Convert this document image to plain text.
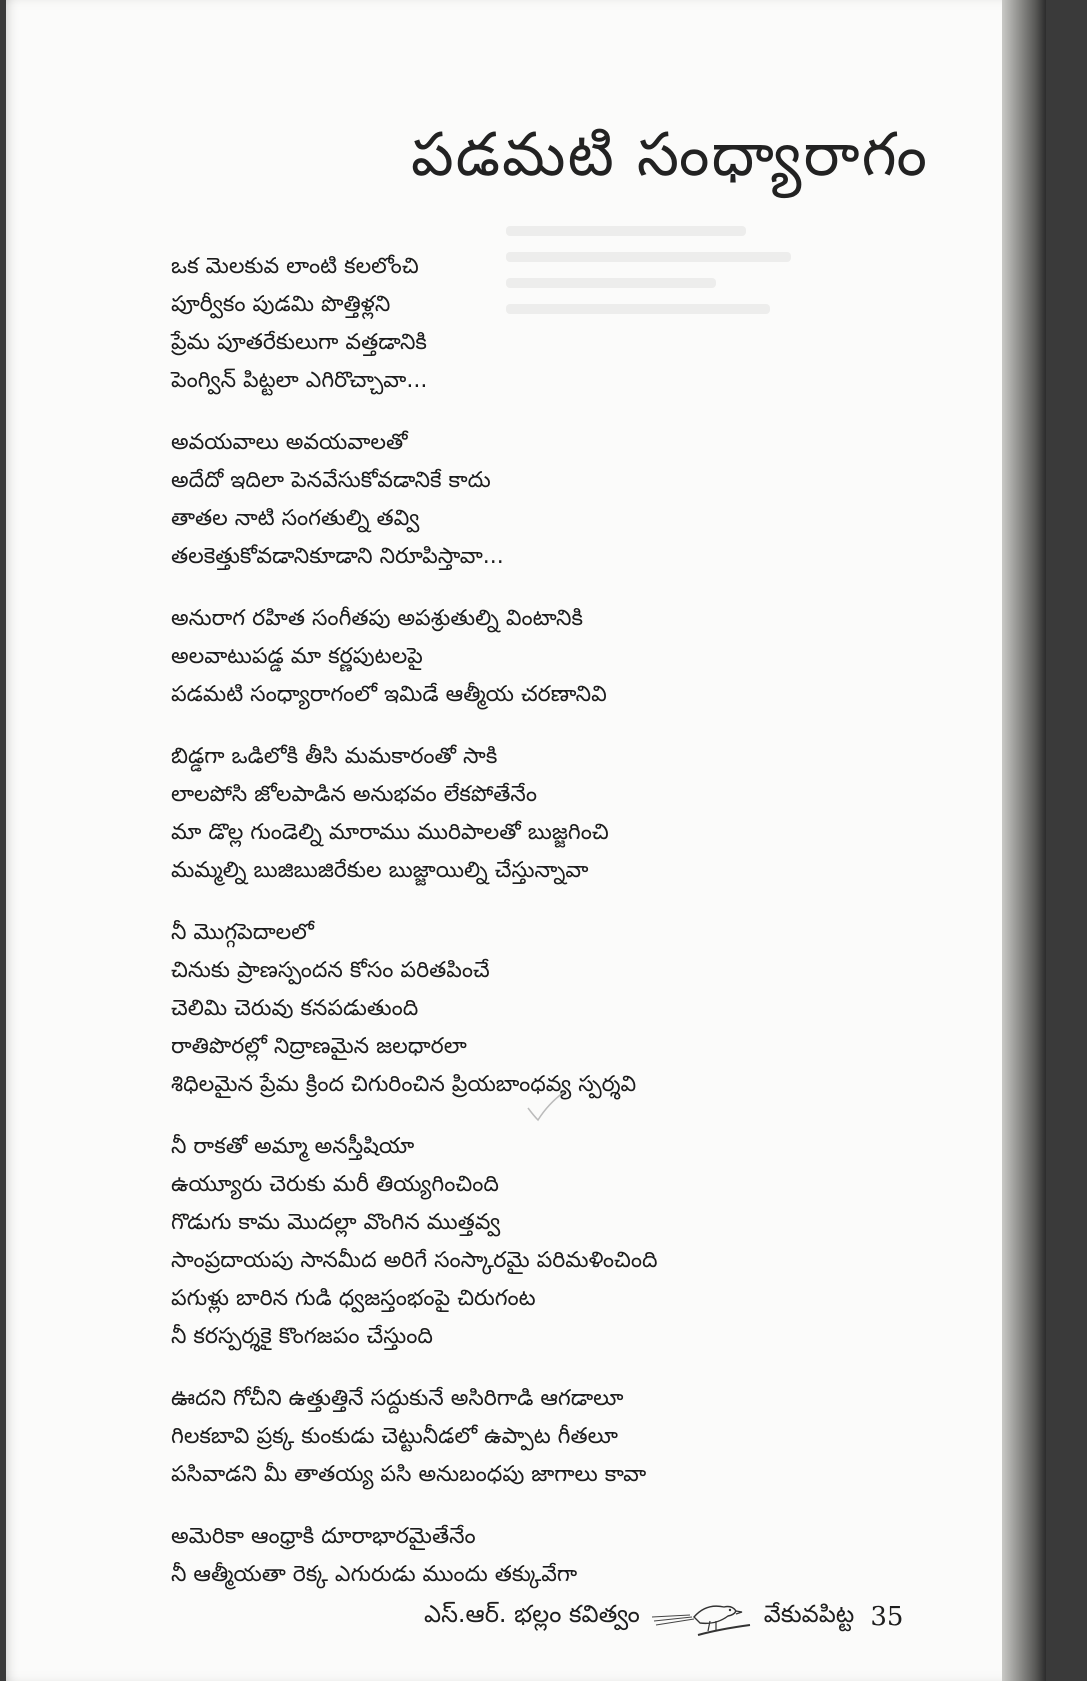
పడమటి సంధ్యారాగం
ఒక మెలకువ లాంటి కలలోంచి
పూర్వీకం పుడమి పొత్తిళ్లని
ప్రేమ పూతరేకులుగా వత్తడానికి
పెంగ్విన్ పిట్టలా ఎగిరొచ్చావా...
అవయవాలు అవయవాలతో
అదేదో ఇదిలా పెనవేసుకోవడానికే కాదు
తాతల నాటి సంగతుల్ని తవ్వి
తలకెత్తుకోవడానికూడాని నిరూపిస్తావా...
అనురాగ రహిత సంగీతపు అపశ్రుతుల్ని వింటానికి
అలవాటుపడ్డ మా కర్ణపుటలపై
పడమటి సంధ్యారాగంలో ఇమిడే ఆత్మీయ చరణానివి
బిడ్డగా ఒడిలోకి తీసి మమకారంతో సాకి
లాలపోసి జోలపాడిన అనుభవం లేకపోతేనేం
మా డొల్ల గుండెల్ని మారాము మురిపాలతో బుజ్జగించి
మమ్మల్ని బుజిబుజిరేకుల బుజ్జాయిల్ని చేస్తున్నావా
నీ మొగ్గపెదాలలో
చినుకు ప్రాణస్పందన కోసం పరితపించే
చెలిమి చెరువు కనపడుతుంది
రాతిపొరల్లో నిద్రాణమైన జలధారలా
శిధిలమైన ప్రేమ క్రింద చిగురించిన ప్రియబాంధవ్య స్పర్శవి
నీ రాకతో అమ్మా అనస్తీషియా
ఉయ్యూరు చెరుకు మరీ తియ్యగించింది
గొడుగు కామ మొదల్లా వొంగిన ముత్తవ్వ
సాంప్రదాయపు సానమీద అరిగే సంస్కారమై పరిమళించింది
పగుళ్లు బారిన గుడి ధ్వజస్తంభంపై చిరుగంట
నీ కరస్పర్శకై కొంగజపం చేస్తుంది
ఊదని గోచీని ఉత్తుత్తినే సద్దుకునే అసిరిగాడి ఆగడాలూ
గిలకబావి ప్రక్క కుంకుడు చెట్టునీడలో ఉప్పాట గీతలూ
పసివాడని మీ తాతయ్య పసి అనుబంధపు జాగాలు కావా
అమెరికా ఆంధ్రాకి దూరాభారమైతేనేం
నీ ఆత్మీయతా రెక్క ఎగురుడు ముందు తక్కువేగా
ఎస్.ఆర్. భల్లం కవిత్వం	వేకువపిట్ట 35
